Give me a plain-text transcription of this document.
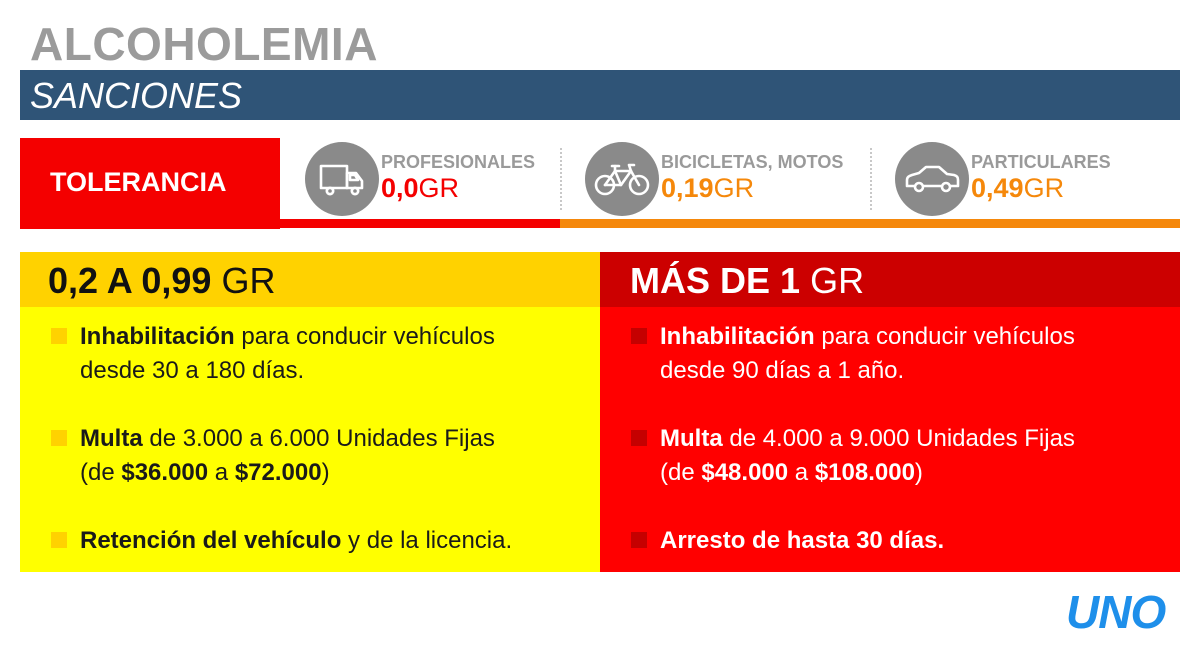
ALCOHOLEMIA
SANCIONES
TOLERANCIA
PROFESIONALES
0,0GR
BICICLETAS, MOTOS
0,19GR
PARTICULARES
0,49GR
0,2 A 0,99 GR
Inhabilitación para conducir vehículos
desde 30 a 180 días.
Multa de 3.000 a 6.000 Unidades Fijas
(de $36.000 a $72.000)
Retención del vehículo y de la licencia.
MÁS DE 1 GR
Inhabilitación para conducir vehículos
desde 90 días a 1 año.
Multa de 4.000 a 9.000 Unidades Fijas
(de $48.000 a $108.000)
Arresto de hasta 30 días.
UNO
